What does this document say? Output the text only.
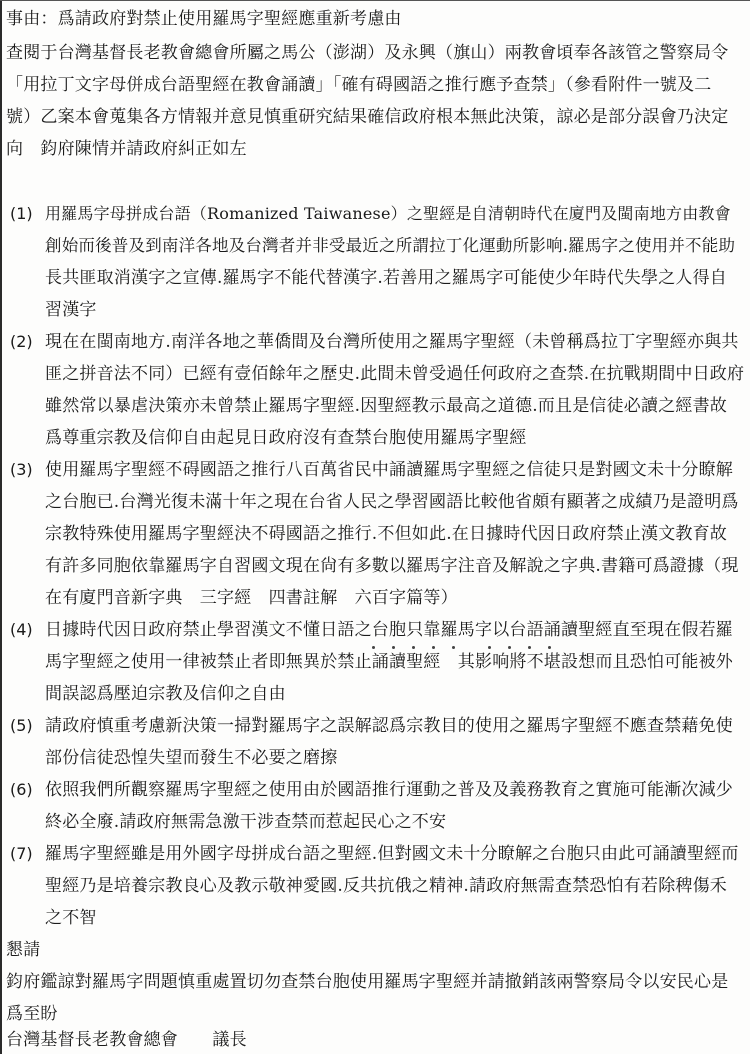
事由：爲請政府對禁止使用羅馬字聖經應重新考慮由
查閱于台灣基督長老教會總會所屬之馬公（澎湖）及永興（旗山）兩教會頃奉各該管之警察局令
「用拉丁文字母併成台語聖經在教會誦讀」「確有碍國語之推行應予查禁」（參看附件一號及二
號）乙案本會蒐集各方情報并意見慎重研究結果確信政府根本無此決策，諒必是部分誤會乃決定
向　鈞府陳情并請政府糾正如左
(1) 用羅馬字母拼成台語（Romanized Taiwanese）之聖經是自清朝時代在廈門及閩南地方由教會
創始而後普及到南洋各地及台灣者并非受最近之所謂拉丁化運動所影响.羅馬字之使用并不能助
長共匪取消漢字之宣傳.羅馬字不能代替漢字.若善用之羅馬字可能使少年時代失學之人得自
習漢字
(2) 現在在閩南地方.南洋各地之華僑間及台灣所使用之羅馬字聖經（未曾稱爲拉丁字聖經亦與共
匪之拼音法不同）已經有壹佰餘年之歷史.此間未曾受過任何政府之查禁.在抗戰期間中日政府
雖然常以暴虐決策亦未曾禁止羅馬字聖經.因聖經教示最高之道德.而且是信徒必讀之經書故
爲尊重宗教及信仰自由起見日政府沒有查禁台胞使用羅馬字聖經
(3) 使用羅馬字聖經不碍國語之推行八百萬省民中誦讀羅馬字聖經之信徒只是對國文未十分瞭解
之台胞已.台灣光復未滿十年之現在台省人民之學習國語比較他省頗有顯著之成績乃是證明爲
宗教特殊使用羅馬字聖經決不碍國語之推行.不但如此.在日據時代因日政府禁止漢文教育故
有許多同胞依靠羅馬字自習國文現在尙有多數以羅馬字注音及解說之字典.書籍可爲證據（現
在有廈門音新字典　三字經　四書註解　六百字篇等）
(4) 日據時代因日政府禁止學習漢文不懂日語之台胞只靠羅馬字以台語誦讀聖經直至現在假若羅
馬字聖經之使用一律被禁止者即無異於禁止誦讀聖經　其影响將不堪設想而且恐怕可能被外
間誤認爲壓迫宗教及信仰之自由
(5) 請政府慎重考慮新決策一掃對羅馬字之誤解認爲宗教目的使用之羅馬字聖經不應查禁藉免使
部份信徒恐惶失望而發生不必要之磨擦
(6) 依照我們所觀察羅馬字聖經之使用由於國語推行運動之普及及義務教育之實施可能漸次減少
終必全廢.請政府無需急激干涉查禁而惹起民心之不安
(7) 羅馬字聖經雖是用外國字母拼成台語之聖經.但對國文未十分瞭解之台胞只由此可誦讀聖經而
聖經乃是培養宗教良心及教示敬神愛國.反共抗俄之精神.請政府無需查禁恐怕有若除稗傷禾
之不智
懇請
鈞府鑑諒對羅馬字問題慎重處置切勿查禁台胞使用羅馬字聖經并請撤銷該兩警察局令以安民心是
爲至盼
台灣基督長老教會總會　　議長
